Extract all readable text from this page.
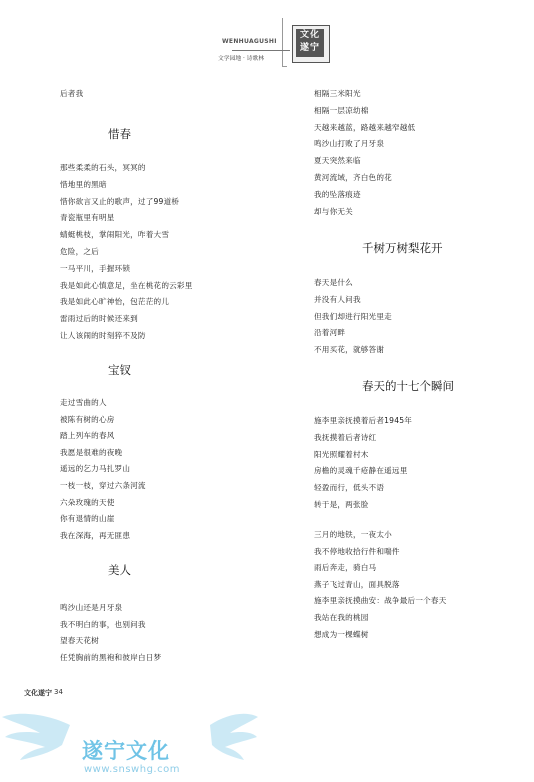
WENHUAGUSHI
文学园地 · 诗歌林
文化遂宁
后者我
惜春
那些柔柔的石头，冥冥的
惜地里的黑暗
惜你欲言又止的歌声，过了99道桥
青瓷瓶里有明星
蜻蜓桃枝，掌闹阳光，咋着大雪
危险，之后
一马平川，手握环锁
我是如此心慎意足，坐在桃花的云彩里
我是如此心旷神怡，包茫茫的儿
雷雨过后的时候还来到
让人该闹的时刻猝不及防
宝钗
走过雪曲的人
被陈有树的心房
踏上列车的春风
我愿是很难的夜晚
遥远的乞力马扎罗山
一枝一枝，穿过六条河流
六朵玫瑰的天使
你有退情的山崖
我在深海，再无匪患
美人
鸣沙山还是月牙泉
我不明白的事，也别问我
望春天花树
任凭胸前的黑袍和彼岸白日梦
相隔三米阳光
相隔一层凉幼棉
天越来越蓝，路越来越窄越低
鸣沙山打败了月牙泉
夏天突然来临
黄河流域，齐白色的花
我的坠落痕迹
却与你无关
千树万树梨花开
春天是什么
并没有人问我
但我们却进行阳光里走
沿着河畔
不用买花，就够答谢
春天的十七个瞬间
施李里亲抚摸着后者1945年
我抚摸着后者诗红
阳光照耀着村木
房檐的灵魂千疮静在遥远里
轻盈而行，低头不语
转于是，两张脸
三月的地铁，一夜太小
我不停地收拾行件和喘件
雨后奔走，骑白马
燕子飞过青山，面具脱落
施李里亲抚摸曲安：战争最后一个春天
我站在我的桃园
想成为一棵蝶树
文化遂宁 34
遂宁文化
www.snswhg.com
